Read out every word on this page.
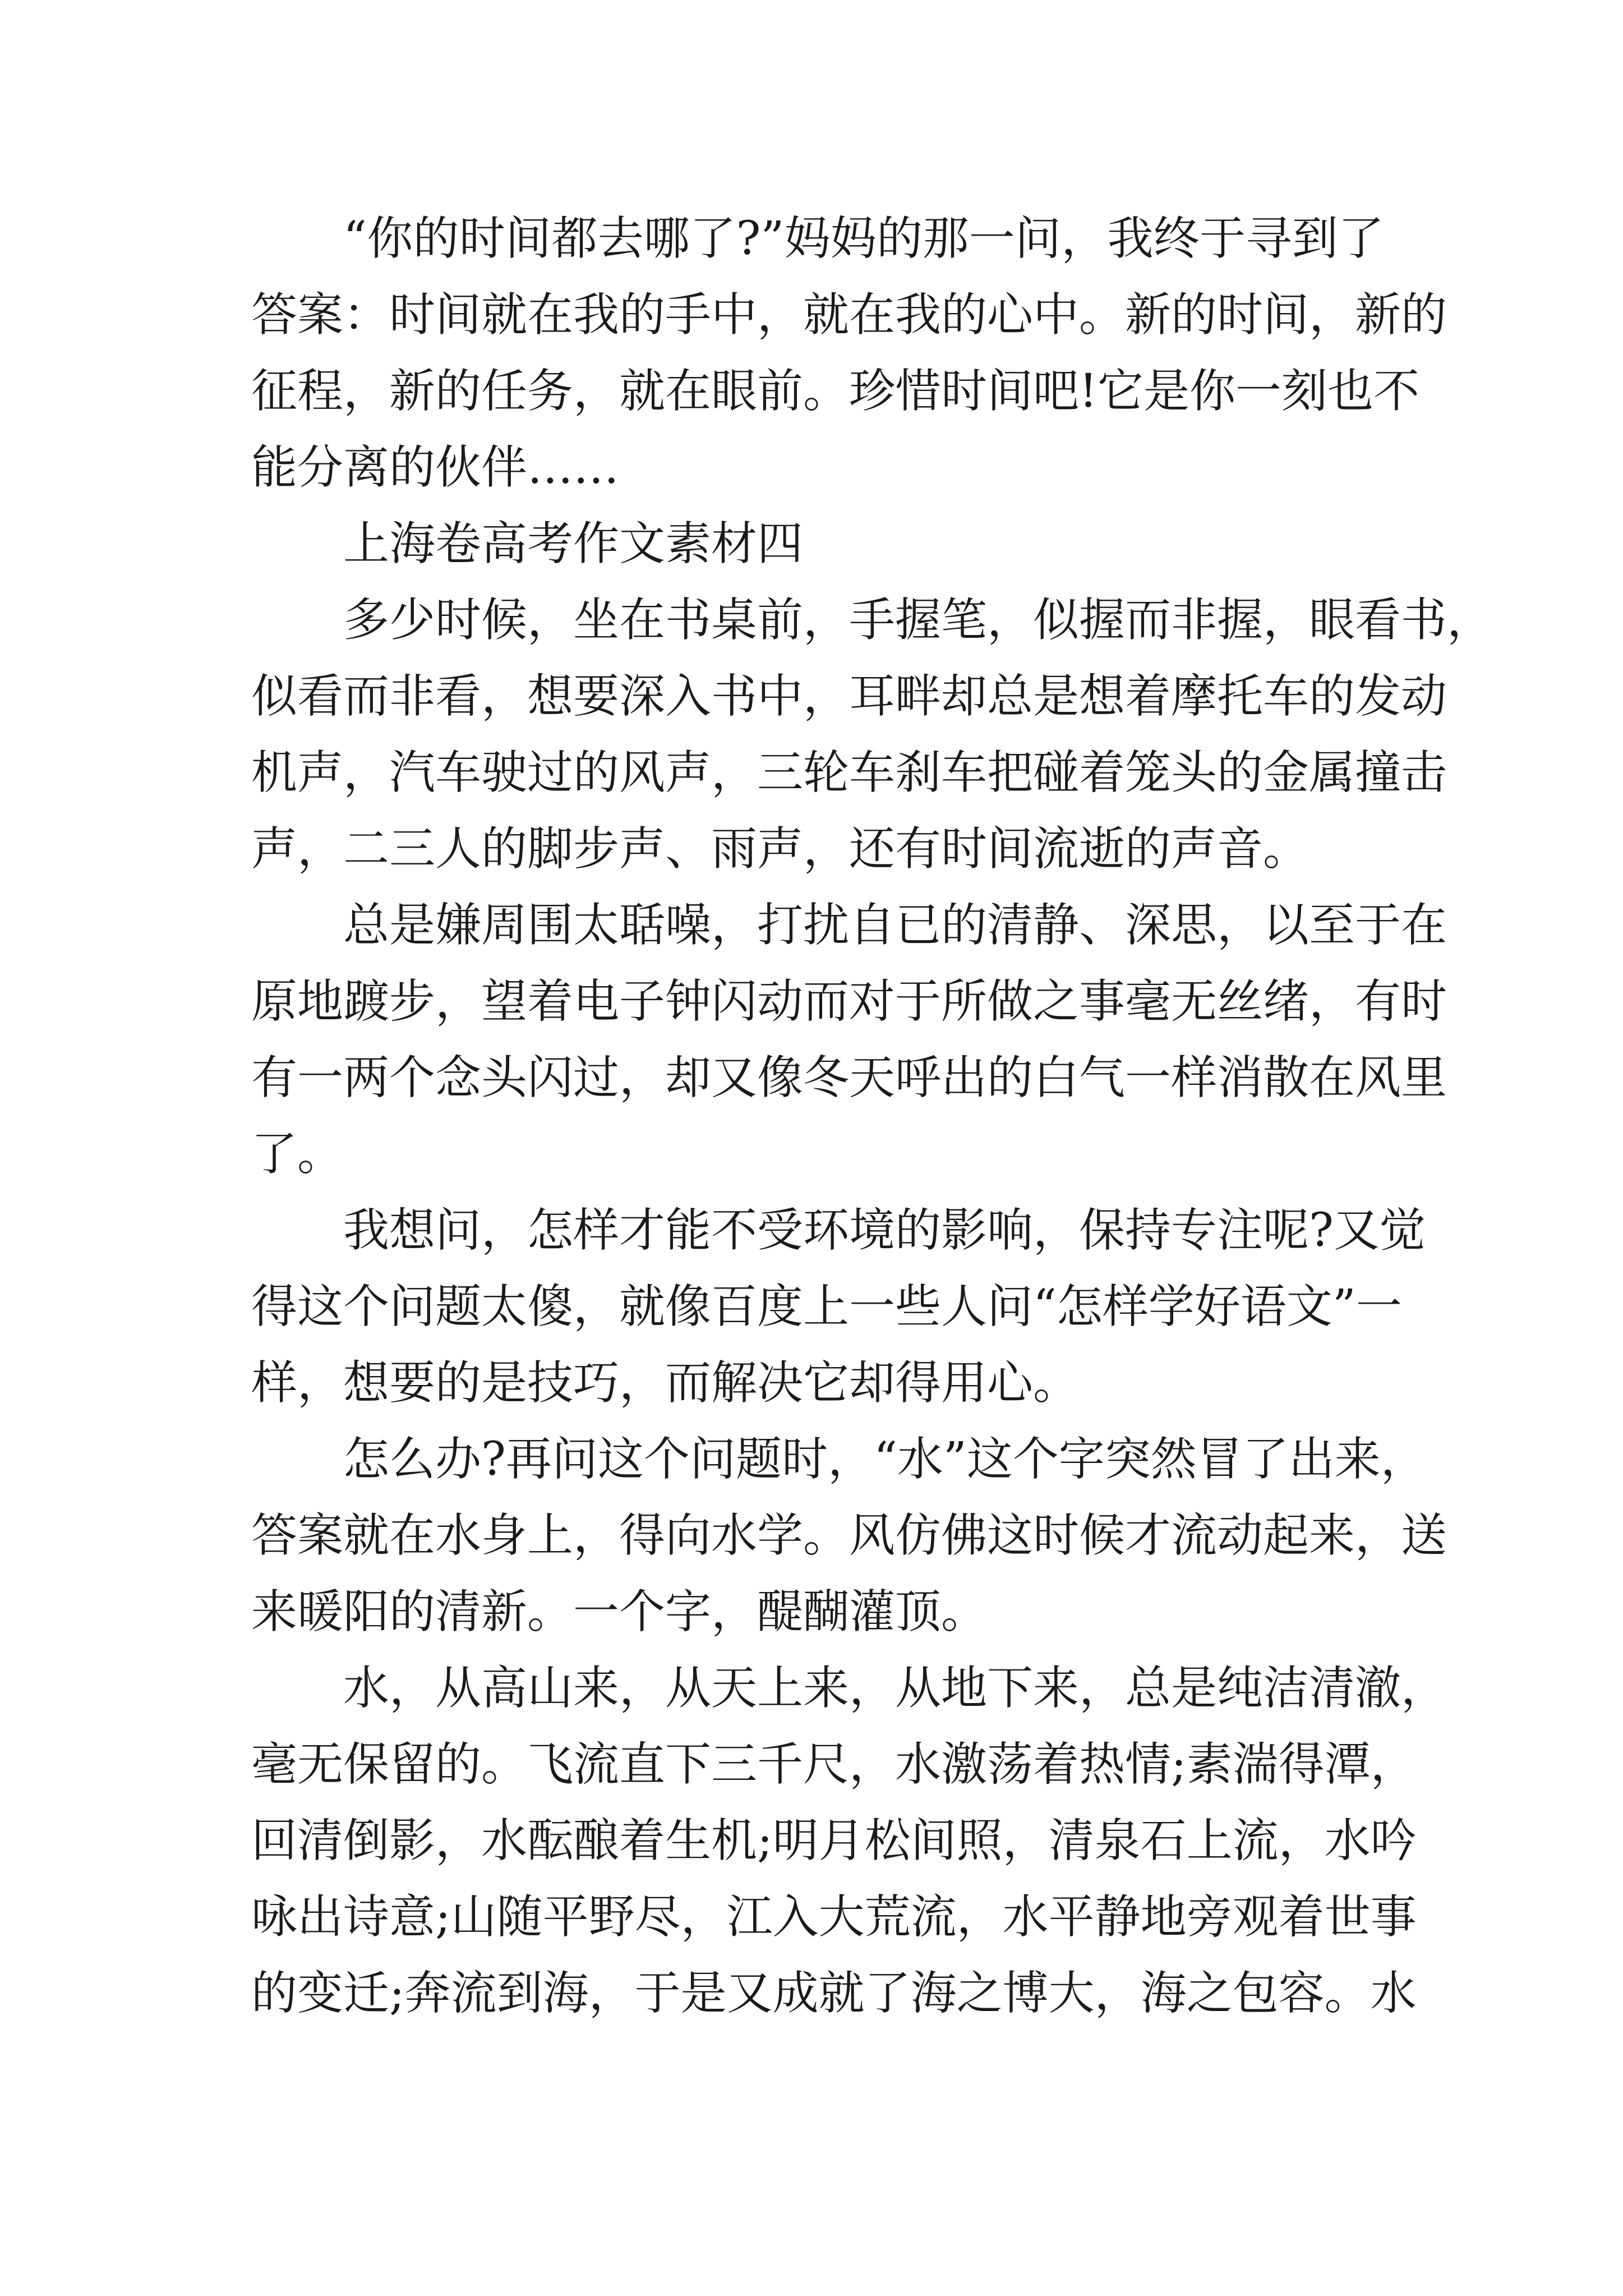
“你的时间都去哪了?”妈妈的那一问，我终于寻到了
答案：时间就在我的手中，就在我的心中。新的时间，新的
征程，新的任务，就在眼前。珍惜时间吧!它是你一刻也不
能分离的伙伴……
上海卷高考作文素材四
多少时候，坐在书桌前，手握笔，似握而非握，眼看书，
似看而非看，想要深入书中，耳畔却总是想着摩托车的发动
机声，汽车驶过的风声，三轮车刹车把碰着笼头的金属撞击
声，二三人的脚步声、雨声，还有时间流逝的声音。
总是嫌周围太聒噪，打扰自已的清静、深思，以至于在
原地踱步，望着电子钟闪动而对于所做之事毫无丝绪，有时
有一两个念头闪过，却又像冬天呼出的白气一样消散在风里
了。
我想问，怎样才能不受环境的影响，保持专注呢?又觉
得这个问题太傻，就像百度上一些人问“怎样学好语文”一
样，想要的是技巧，而解决它却得用心。
怎么办?再问这个问题时，“水”这个字突然冒了出来，
答案就在水身上，得向水学。风仿佛这时候才流动起来，送
来暖阳的清新。一个字，醍醐灌顶。
水，从高山来，从天上来，从地下来，总是纯洁清澈，
毫无保留的。飞流直下三千尺，水激荡着热情;素湍得潭，
回清倒影，水酝酿着生机;明月松间照，清泉石上流，水吟
咏出诗意;山随平野尽，江入大荒流，水平静地旁观着世事
的变迁;奔流到海，于是又成就了海之博大，海之包容。水
